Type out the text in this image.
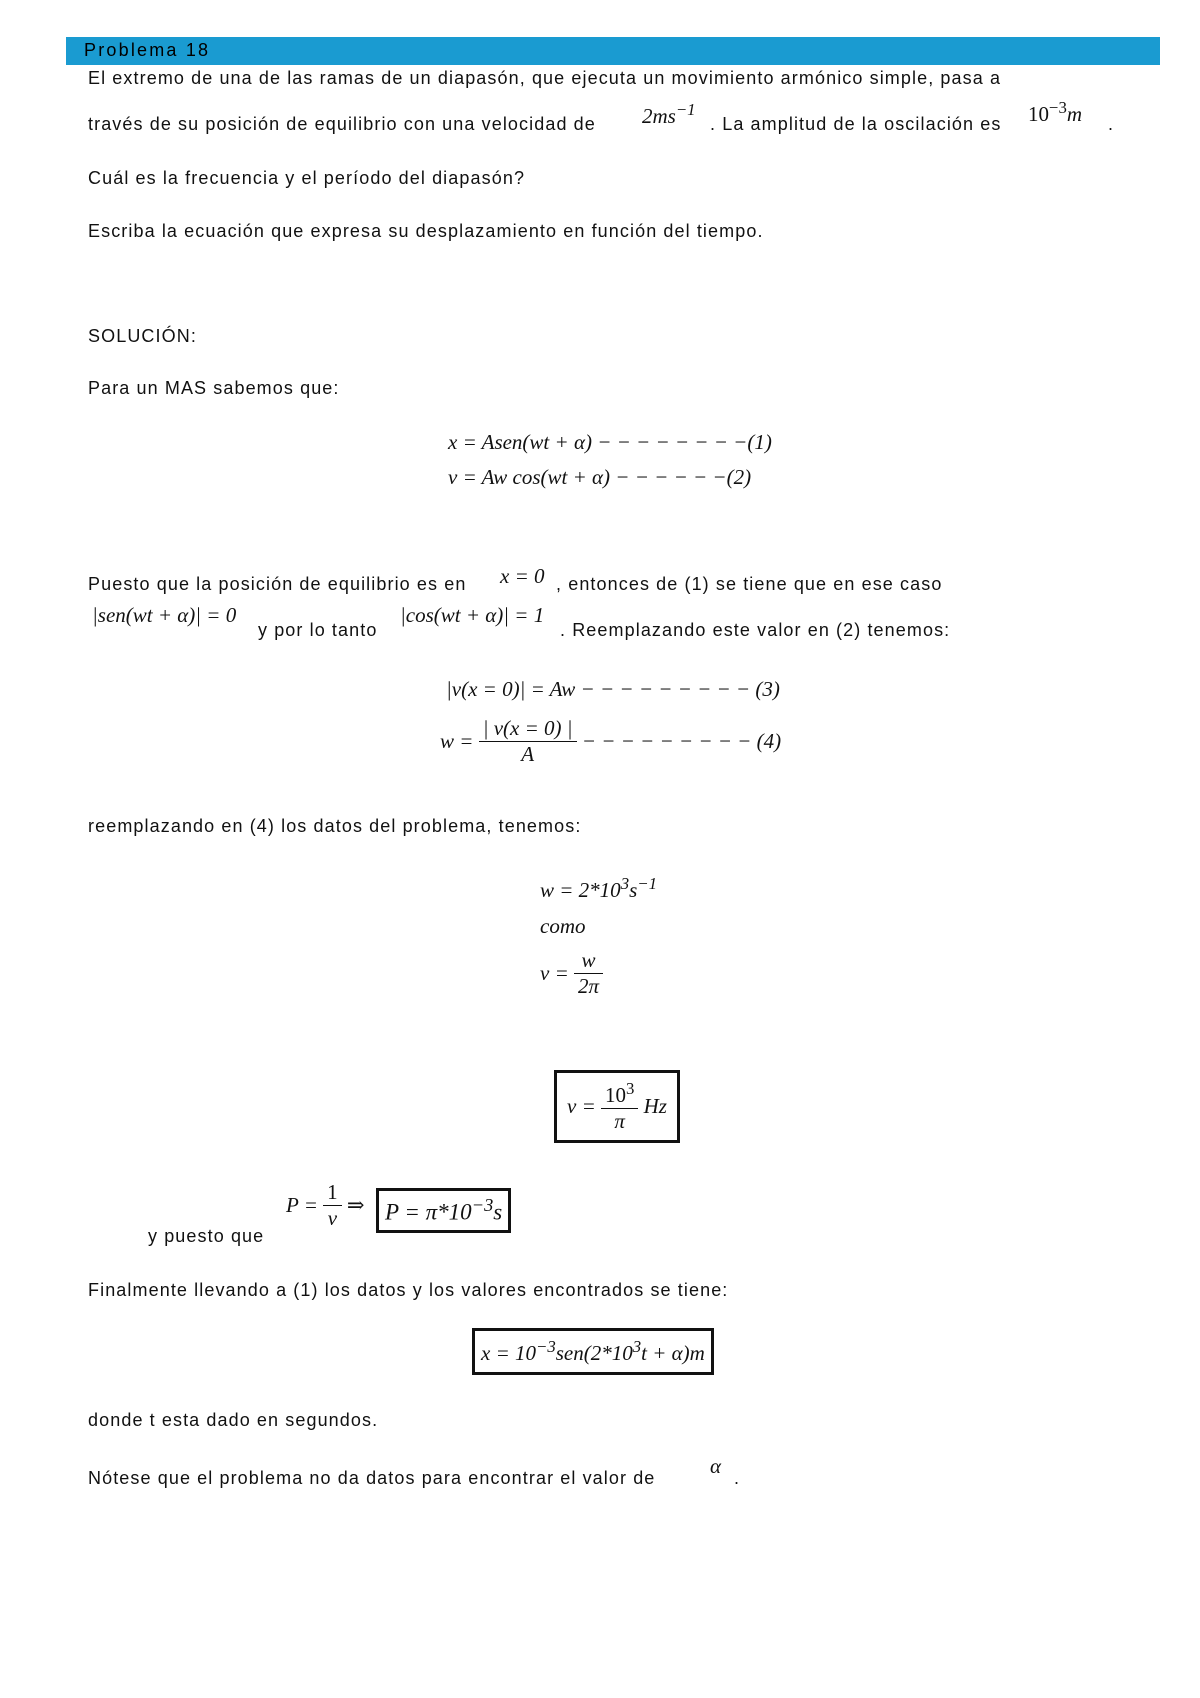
Problema 18
El extremo de una de las ramas de un diapasón, que ejecuta un movimiento armónico simple, pasa a
través de su posición de equilibrio con una velocidad de $2ms^{-1}$
. La amplitud de la oscilación es $10^{-3}m$ .
Cuál es la frecuencia y el período del diapasón?
Escriba la ecuación que expresa su desplazamiento en función del tiempo.
SOLUCIÓN:
Para un MAS sabemos que:
x = Asen(wt + α) − − − − − − − −(1)
v = Aw cos(wt + α) − − − − − −(2)
Puesto que la posición de equilibrio es en x = 0 , entonces de (1) se tiene que en ese caso
|sen(wt + α)| = 0
y por lo tanto
|cos(wt + α)| = 1
. Reemplazando este valor en (2) tenemos:
|v(x = 0)| = Aw − − − − − − − − − (3)
$w = \frac{| v(x = 0) |}{A}$ − − − − − − − − − (4)
reemplazando en (4) los datos del problema, tenemos:
$w = 2*10^3s^{-1}$
como
$v = \frac{w}{2\pi}$
$v = \frac{10^3}{\pi}$ Hz
y puesto que
$P = \frac{1}{v}$ ⇒ $P = \pi*10^{-3}s$
Finalmente llevando a (1) los datos y los valores encontrados se tiene:
$x = 10^{-3}sen(2*10^3t + \alpha)m$
donde t esta dado en segundos.
Nótese que el problema no da datos para encontrar el valor de	α .
